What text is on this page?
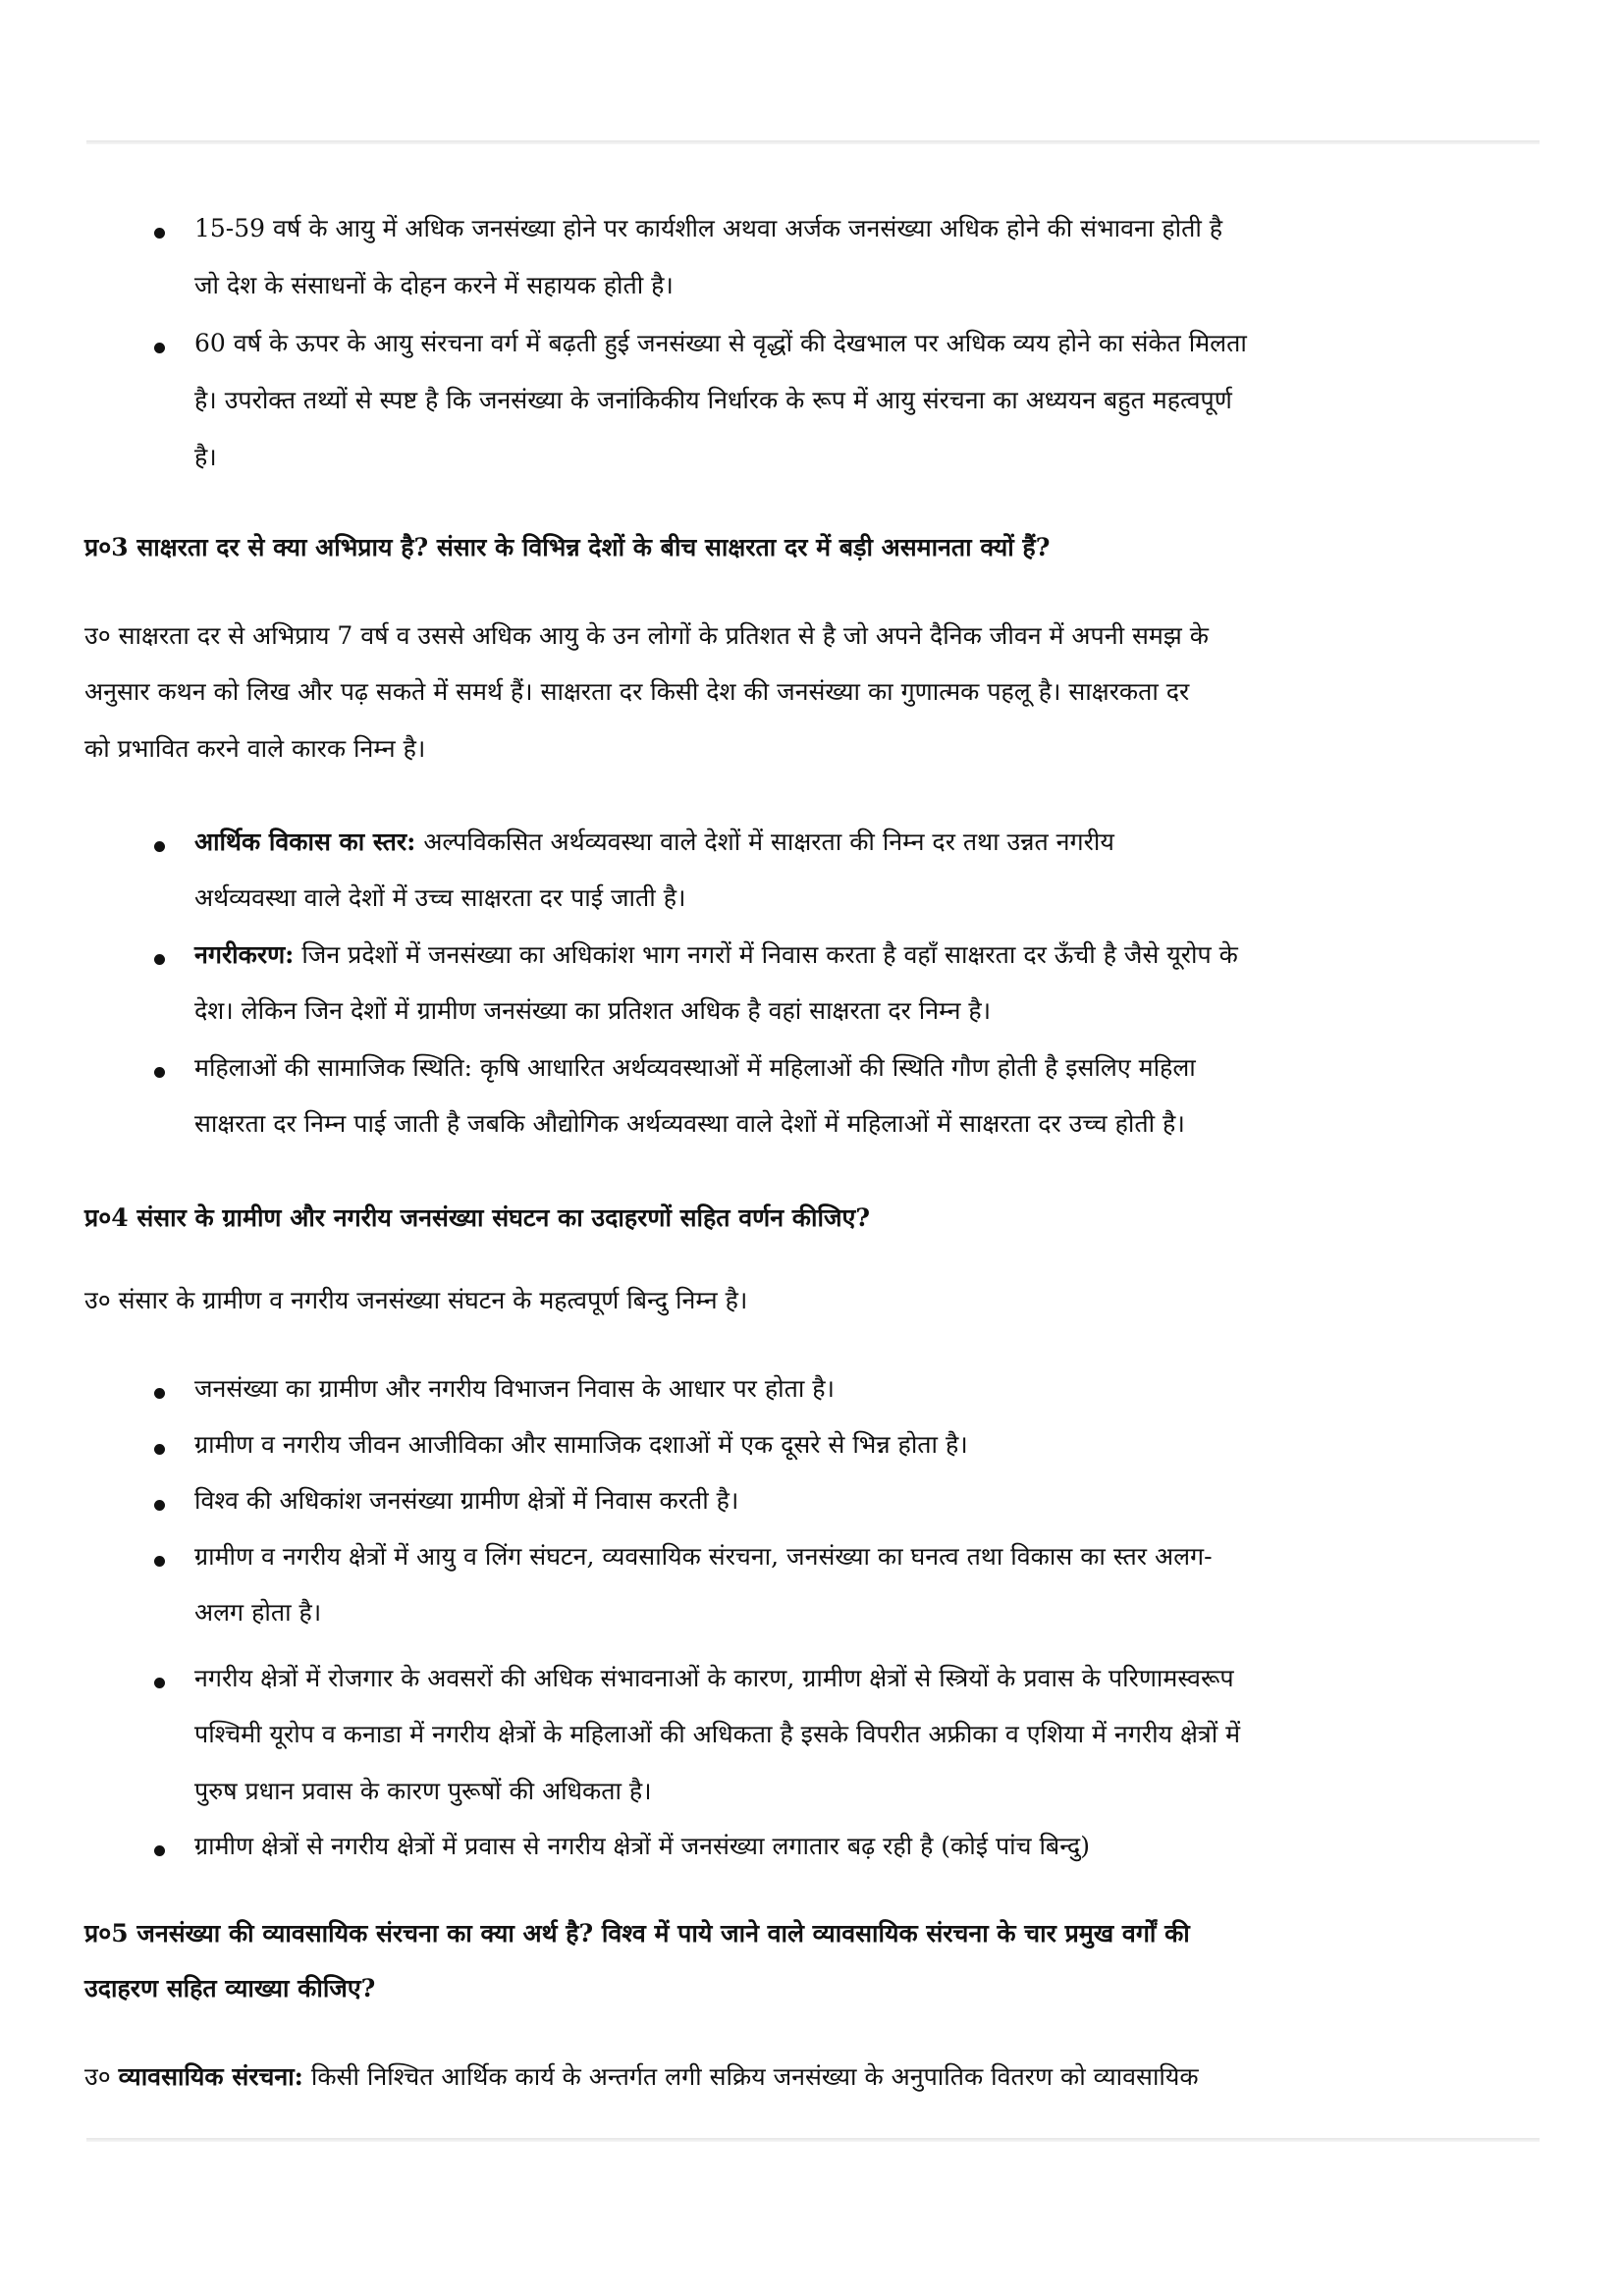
15-59 वर्ष के आयु में अधिक जनसंख्या होने पर कार्यशील अथवा अर्जक जनसंख्या अधिक होने की संभावना होती है
जो देश के संसाधनों के दोहन करने में सहायक होती है।
60 वर्ष के ऊपर के आयु संरचना वर्ग में बढ़ती हुई जनसंख्या से वृद्धों की देखभाल पर अधिक व्यय होने का संकेत मिलता
है। उपरोक्त तथ्यों से स्पष्ट है कि जनसंख्या के जनांकिकीय निर्धारक के रूप में आयु संरचना का अध्ययन बहुत महत्वपूर्ण
है।
प्र०3 साक्षरता दर से क्या अभिप्राय है? संसार के विभिन्न देशों के बीच साक्षरता दर में बड़ी असमानता क्यों हैं?
उ० साक्षरता दर से अभिप्राय 7 वर्ष व उससे अधिक आयु के उन लोगों के प्रतिशत से है जो अपने दैनिक जीवन में अपनी समझ के
अनुसार कथन को लिख और पढ़ सकते में समर्थ हैं। साक्षरता दर किसी देश की जनसंख्या का गुणात्मक पहलू है। साक्षरकता दर
को प्रभावित करने वाले कारक निम्न है।
आर्थिक विकास का स्तर: अल्पविकसित अर्थव्यवस्था वाले देशों में साक्षरता की निम्न दर तथा उन्नत नगरीय
अर्थव्यवस्था वाले देशों में उच्च साक्षरता दर पाई जाती है।
नगरीकरण: जिन प्रदेशों में जनसंख्या का अधिकांश भाग नगरों में निवास करता है वहाँ साक्षरता दर ऊँची है जैसे यूरोप के
देश। लेकिन जिन देशों में ग्रामीण जनसंख्या का प्रतिशत अधिक है वहां साक्षरता दर निम्न है।
महिलाओं की सामाजिक स्थिति: कृषि आधारित अर्थव्यवस्थाओं में महिलाओं की स्थिति गौण होती है इसलिए महिला
साक्षरता दर निम्न पाई जाती है जबकि औद्योगिक अर्थव्यवस्था वाले देशों में महिलाओं में साक्षरता दर उच्च होती है।
प्र०4 संसार के ग्रामीण और नगरीय जनसंख्या संघटन का उदाहरणों सहित वर्णन कीजिए?
उ० संसार के ग्रामीण व नगरीय जनसंख्या संघटन के महत्वपूर्ण बिन्दु निम्न है।
जनसंख्या का ग्रामीण और नगरीय विभाजन निवास के आधार पर होता है।
ग्रामीण व नगरीय जीवन आजीविका और सामाजिक दशाओं में एक दूसरे से भिन्न होता है।
विश्व की अधिकांश जनसंख्या ग्रामीण क्षेत्रों में निवास करती है।
ग्रामीण व नगरीय क्षेत्रों में आयु व लिंग संघटन, व्यवसायिक संरचना, जनसंख्या का घनत्व तथा विकास का स्तर अलग-
अलग होता है।
नगरीय क्षेत्रों में रोजगार के अवसरों की अधिक संभावनाओं के कारण, ग्रामीण क्षेत्रों से स्त्रियों के प्रवास के परिणामस्वरूप
पश्चिमी यूरोप व कनाडा में नगरीय क्षेत्रों के महिलाओं की अधिकता है इसके विपरीत अफ्रीका व एशिया में नगरीय क्षेत्रों में
पुरुष प्रधान प्रवास के कारण पुरूषों की अधिकता है।
ग्रामीण क्षेत्रों से नगरीय क्षेत्रों में प्रवास से नगरीय क्षेत्रों में जनसंख्या लगातार बढ़ रही है (कोई पांच बिन्दु)
प्र०5 जनसंख्या की व्यावसायिक संरचना का क्या अर्थ है? विश्व में पाये जाने वाले व्यावसायिक संरचना के चार प्रमुख वर्गों की
उदाहरण सहित व्याख्या कीजिए?
उ० व्यावसायिक संरचना: किसी निश्चित आर्थिक कार्य के अन्तर्गत लगी सक्रिय जनसंख्या के अनुपातिक वितरण को व्यावसायिक
